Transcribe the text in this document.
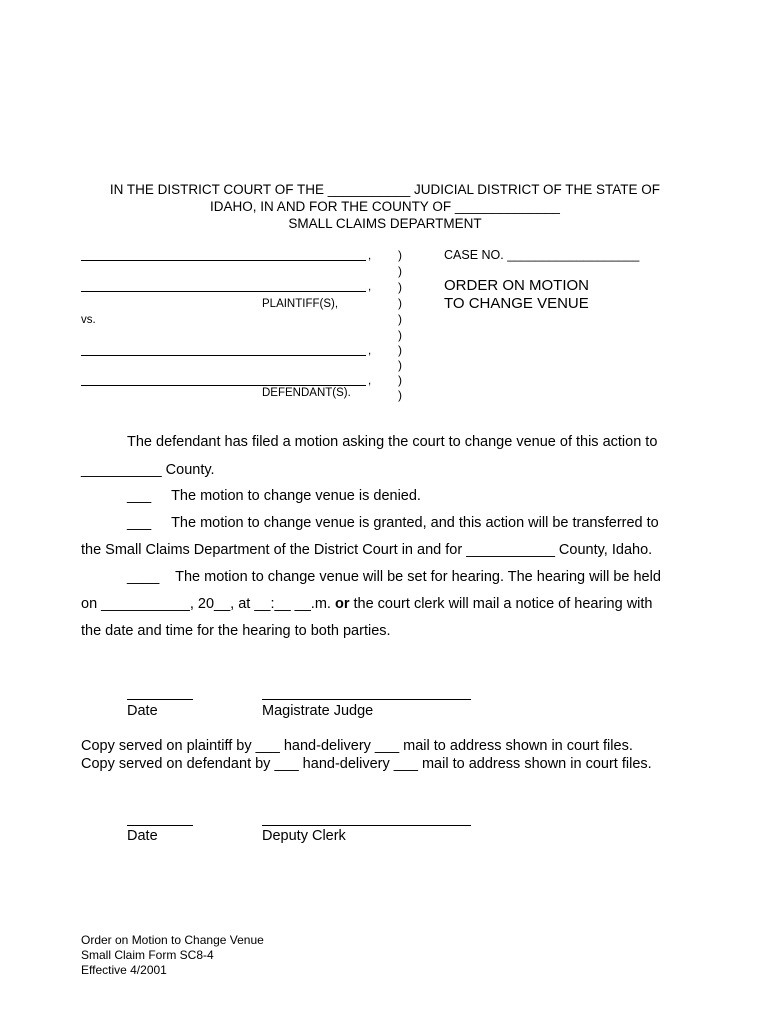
IN THE DISTRICT COURT OF THE ___________ JUDICIAL DISTRICT OF THE STATE OF
IDAHO, IN AND FOR THE COUNTY OF ______________
SMALL CLAIMS DEPARTMENT
,
,
PLAINTIFF(S),
vs.
,
,
DEFENDANT(S).
)
)
)
)
)
)
)
)
)
)
CASE NO. ___________________
ORDER ON MOTION
TO CHANGE VENUE
The defendant has filed a motion asking the court to change venue of this action to
__________ County.
___     The motion to change venue is denied.
___     The motion to change venue is granted, and this action will be transferred to
the Small Claims Department of the District Court in and for ___________ County, Idaho.
____    The motion to change venue will be set for hearing. The hearing will be held
on ___________, 20__, at __:__ __.m. or the court clerk will mail a notice of hearing with
the date and time for the hearing to both parties.
Date	Magistrate Judge
Copy served on plaintiff by ___ hand-delivery ___ mail to address shown in court files.
Copy served on defendant by ___ hand-delivery ___ mail to address shown in court files.
Date	Deputy Clerk
Order on Motion to Change Venue
Small Claim Form SC8-4
Effective 4/2001
